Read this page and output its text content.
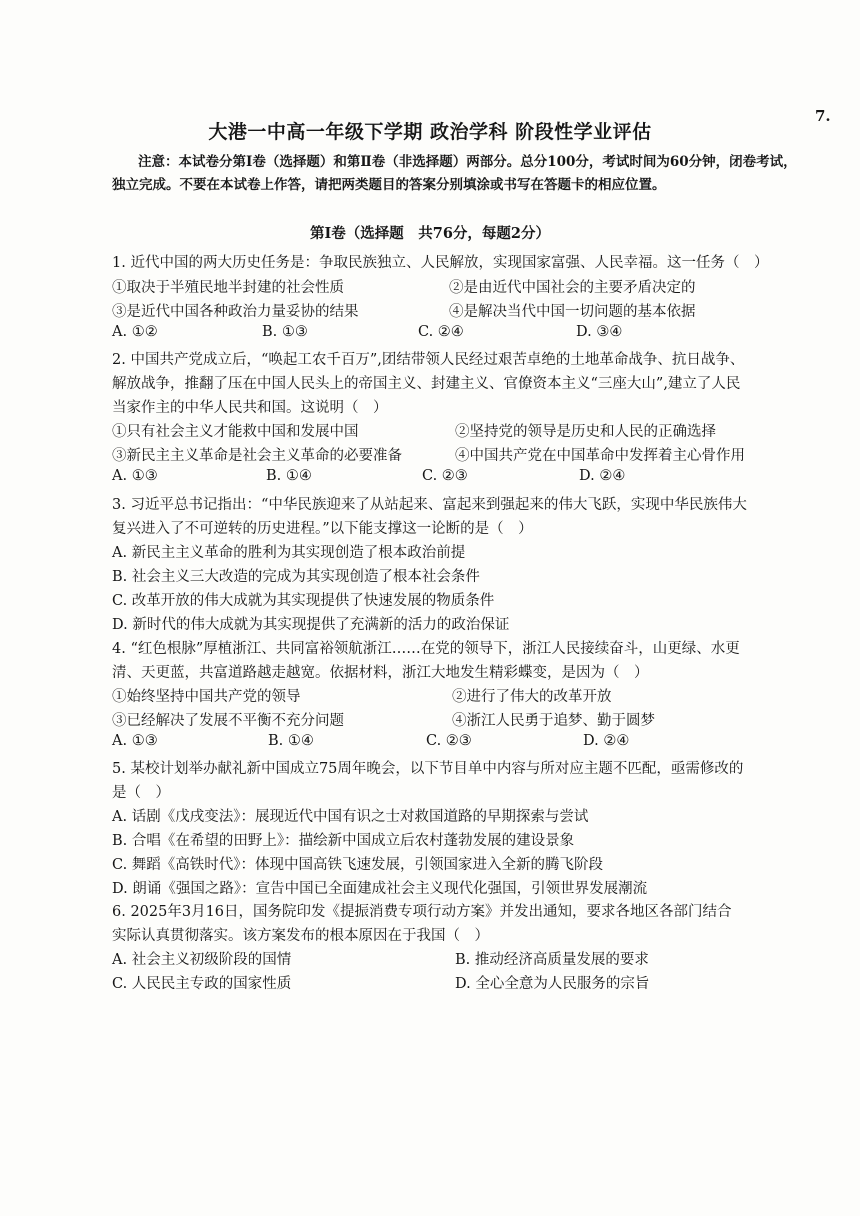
7.
大港一中高一年级下学期 政治学科 阶段性学业评估
注意：本试卷分第Ⅰ卷（选择题）和第Ⅱ卷（非选择题）两部分。总分100分，考试时间为60分钟，闭卷考试，独立完成。不要在本试卷上作答，请把两类题目的答案分别填涂或书写在答题卡的相应位置。
第Ⅰ卷（选择题　共76分，每题2分）
1. 近代中国的两大历史任务是：争取民族独立、人民解放，实现国家富强、人民幸福。这一任务（　）
①取决于半殖民地半封建的社会性质	②是由近代中国社会的主要矛盾决定的
③是近代中国各种政治力量妥协的结果	④是解决当代中国一切问题的基本依据
A. ①②	B. ①③	C. ②④	D. ③④
2. 中国共产党成立后，“唤起工农千百万”,团结带领人民经过艰苦卓绝的土地革命战争、抗日战争、
解放战争，推翻了压在中国人民头上的帝国主义、封建主义、官僚资本主义“三座大山”,建立了人民
当家作主的中华人民共和国。这说明（　）
①只有社会主义才能救中国和发展中国	②坚持党的领导是历史和人民的正确选择
③新民主主义革命是社会主义革命的必要准备	④中国共产党在中国革命中发挥着主心骨作用
A. ①③	B. ①④	C. ②③	D. ②④
3. 习近平总书记指出：“中华民族迎来了从站起来、富起来到强起来的伟大飞跃，实现中华民族伟大
复兴进入了不可逆转的历史进程。”以下能支撑这一论断的是（　）
A. 新民主主义革命的胜利为其实现创造了根本政治前提
B. 社会主义三大改造的完成为其实现创造了根本社会条件
C. 改革开放的伟大成就为其实现提供了快速发展的物质条件
D. 新时代的伟大成就为其实现提供了充满新的活力的政治保证
4. “红色根脉”厚植浙江、共同富裕领航浙江……在党的领导下，浙江人民接续奋斗，山更绿、水更
清、天更蓝，共富道路越走越宽。依据材料，浙江大地发生精彩蝶变，是因为（　）
①始终坚持中国共产党的领导	②进行了伟大的改革开放
③已经解决了发展不平衡不充分问题	④浙江人民勇于追梦、勤于圆梦
A. ①③	B. ①④	C. ②③	D. ②④
5. 某校计划举办献礼新中国成立75周年晚会，以下节目单中内容与所对应主题不匹配，亟需修改的
是（　）
A. 话剧《戊戌变法》：展现近代中国有识之士对救国道路的早期探索与尝试
B. 合唱《在希望的田野上》：描绘新中国成立后农村蓬勃发展的建设景象
C. 舞蹈《高铁时代》：体现中国高铁飞速发展，引领国家进入全新的腾飞阶段
D. 朗诵《强国之路》：宣告中国已全面建成社会主义现代化强国，引领世界发展潮流
6. 2025年3月16日，国务院印发《提振消费专项行动方案》并发出通知，要求各地区各部门结合
实际认真贯彻落实。该方案发布的根本原因在于我国（　）
A. 社会主义初级阶段的国情	B. 推动经济高质量发展的要求
C. 人民民主专政的国家性质	D. 全心全意为人民服务的宗旨
